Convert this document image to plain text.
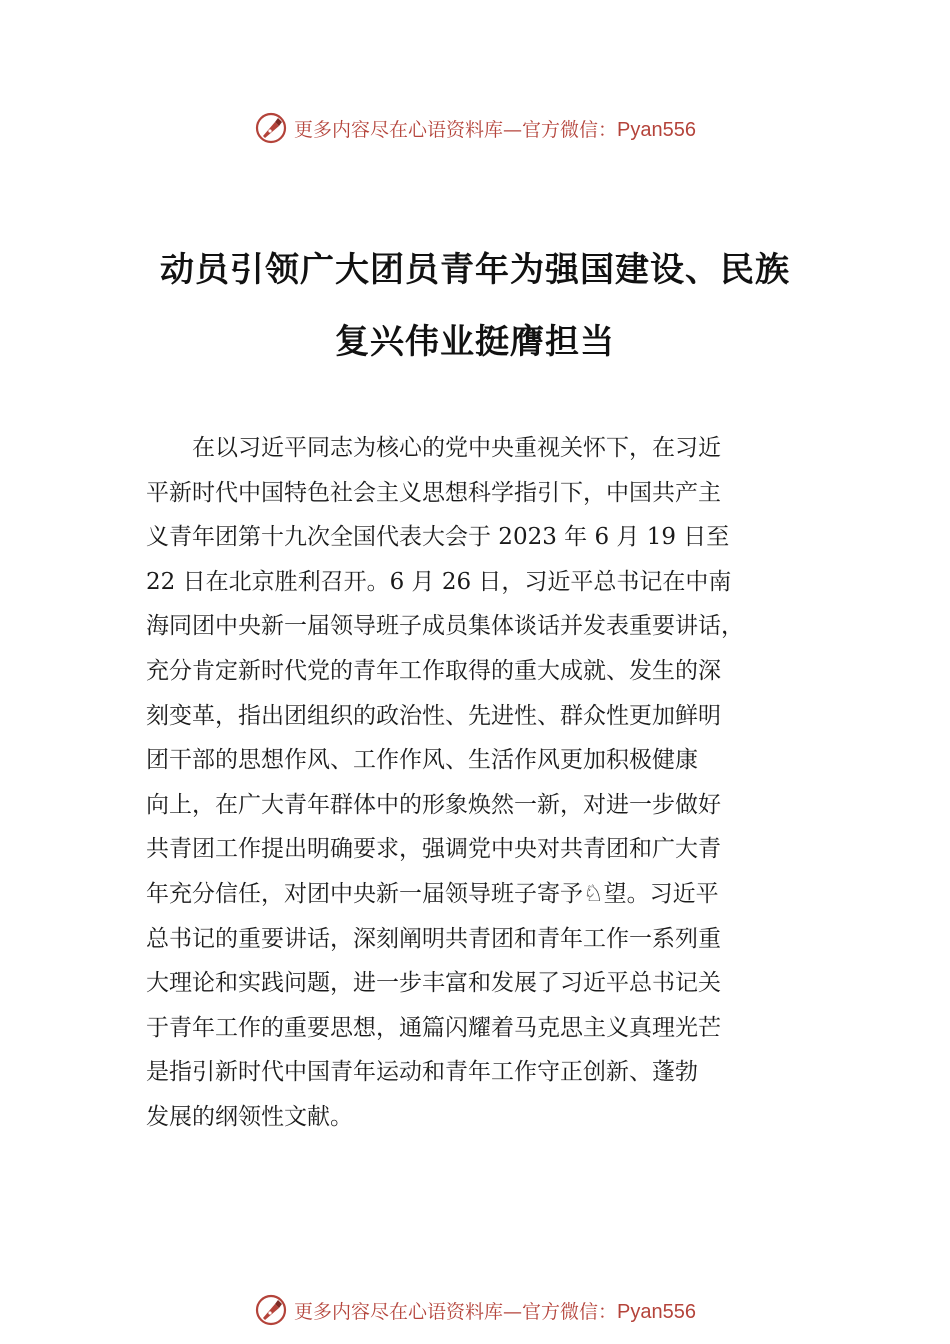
更多内容尽在心语资料库 — 官方微信： Pyan556
动员引领广大团员青年为强国建设、民族
复兴伟业挺膺担当
　　在以习近平同志为核心的党中央重视关怀下，在习近
平新时代中国特色社会主义思想科学指引下，中国共产主
义青年团第十九次全国代表大会于 2023 年 6 月 19 日至
22 日在北京胜利召开。6 月 26 日，习近平总书记在中南
海同团中央新一届领导班子成员集体谈话并发表重要讲话，
充分肯定新时代党的青年工作取得的重大成就、发生的深
刻变革，指出团组织的政治性、先进性、群众性更加鲜明
团干部的思想作风、工作作风、生活作风更加积极健康
向上，在广大青年群体中的形象焕然一新，对进一步做好
共青团工作提出明确要求，强调党中央对共青团和广大青
年充分信任，对团中央新一届领导班子寄予♘望。习近平
总书记的重要讲话，深刻阐明共青团和青年工作一系列重
大理论和实践问题，进一步丰富和发展了习近平总书记关
于青年工作的重要思想，通篇闪耀着马克思主义真理光芒
是指引新时代中国青年运动和青年工作守正创新、蓬勃
发展的纲领性文献。
更多内容尽在心语资料库 — 官方微信： Pyan556
